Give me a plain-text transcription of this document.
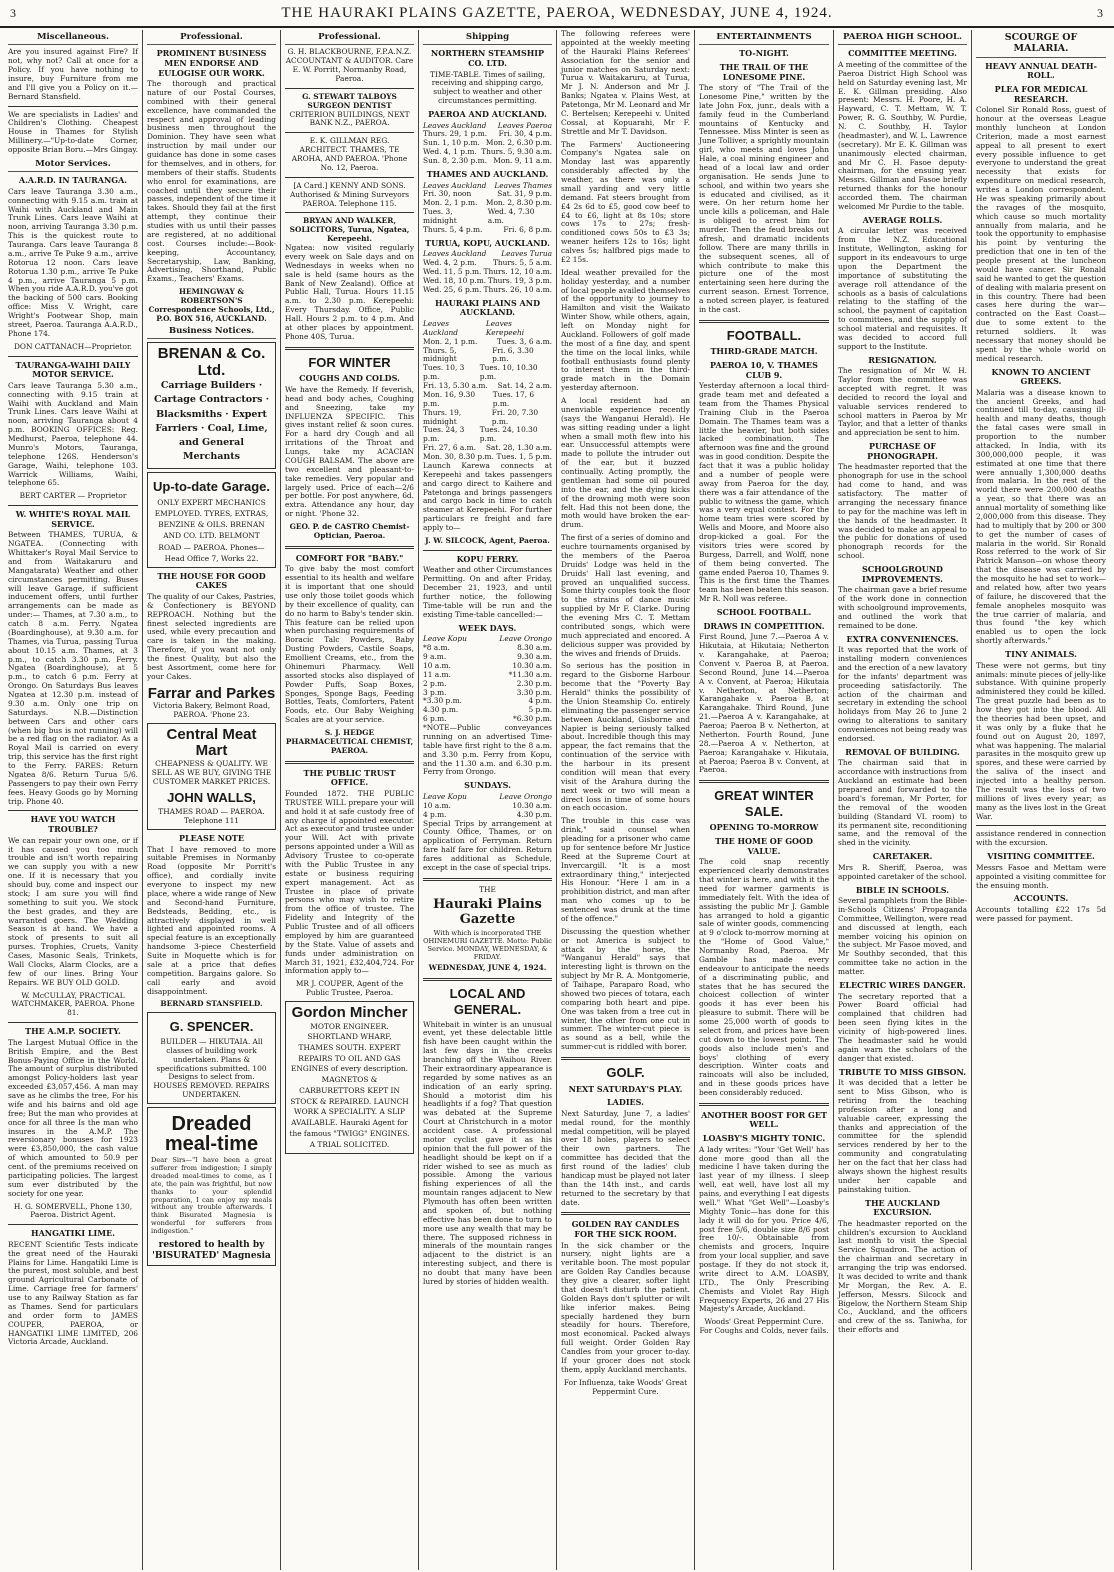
3	THE HAURAKI PLAINS GAZETTE, PAEROA, WEDNESDAY, JUNE 4, 1924.	3
Miscellaneous.
Are you insured against Fire? If not, why not? Call at once for a Policy. If you have nothing to insure, buy Furniture from me and I'll give you a Policy on it.—Bernard Stansfield.
We are specialists in Ladies' and Children's Clothing. Cheapest House in Thames for Stylish Millinery.—"Up-to-date Corner, opposite Brian Boru.—Mrs Gingay.
Motor Services.
A.A.R.D. IN TAURANGA.
Cars leave Tauranga 3.30 a.m., connecting with 9.15 a.m. train at Waihi with Auckland and Main Trunk Lines. Cars leave Waihi at noon, arriving Tauranga 3.30 p.m. This is the quickest route to Tauranga. Cars leave Tauranga 8 a.m., arrive Te Puke 9 a.m., arrive Rotorua 12 noon. Cars leave Rotorua 1.30 p.m., arrive Te Puke 4 p.m., arrive Tauranga 5 p.m. When you ride A.A.R.D. you've got the backing of 500 cars. Booking office: Miss V. Wright, care Wright's Footwear Shop, main street, Paeroa. Tauranga A.A.R.D., Phone 174.
DON CATTANACH—Proprietor.
TAURANGA-WAIHI DAILY MOTOR SERVICE.
Cars leave Tauranga 5.30 a.m., connecting with 9.15 train at Waihi with Auckland and Main Trunk Lines. Cars leave Waihi at noon, arriving Tauranga about 4 p.m. BOOKING OFFICES: Reg. Medhurst, Paeroa, telephone 44. Munro's Motors, Tauranga, telephone 126S. Henderson's Garage, Waihi, telephone 103. Warrick Williams, Waihi, telephone 65.
BERT CARTER — Proprietor
W. WHITE'S ROYAL MAIL SERVICE.
Between THAMES, TURUA, & NGATEA. (Connecting with Whittaker's Royal Mail Service to and from Waitakaruru and Mangatarata) Weather and other circumstances permitting. Buses will leave Garage, if sufficient inducement offers, until further arrangements can be made as under:— Thames, at 7.30 a.m., to catch 8 a.m. Ferry. Ngatea (Boardinghouse), at 9.30 a.m. for Thames, via Turua, passing Turua about 10.15 a.m. Thames, at 3 p.m., to catch 3.30 p.m. Ferry. Ngatea (Boardinghouse), at 5 p.m., to catch 6 p.m. Ferry at Orongo. On Saturdays Bus leaves Ngatea at 12.30 p.m. instead of 9.30 a.m. Only one trip on Saturdays. N.B.—Distinction between Cars and other cars (when big bus is not running) will be a red flag on the radiator. As a Royal Mail is carried on every trip, this service has the first right to the Ferry. FARES: Return Ngatea 8/6. Return Turua 5/6. Passengers to pay their own Ferry fees. Heavy Goods go by Morning trip. Phone 40.
HAVE YOU WATCH TROUBLE?
We can repair your own one, or if it has caused you too much trouble and isn't worth repairing we can supply you with a new one. If it is necessary that you should buy, come and inspect our stock; I am sure you will find something to suit you. We stock the best grades, and they are warranted goers. The Wedding Season is at hand. We have a stock of presents to suit all purses. Trophies, Cruets, Vanity Cases, Masonic Seals, Trinkets, Wall Clocks, Alarm Clocks, are a few of our lines. Bring Your Repairs. WE BUY OLD GOLD.
W. McCULLAY, PRACTICAL WATCHMAKER, PAEROA. Phone 81.
THE A.M.P. SOCIETY.
The Largest Mutual Office in the British Empire, and the Best Bonus-Paying Office in the World. The amount of surplus distributed amongst Policy-holders last year exceeded £3,057,456. A man may save as he climbs the tree, For his wife and his bairns and old age free; But the man who provides at once for all three Is the man who insures in the A.M.P. The reversionary bonuses for 1923 were £3,850,000, the cash value of which amounted to 50.9 per cent. of the premiums received on participating policies. The largest sum ever distributed by the society for one year.
H. G. SOMERVELL, Phone 130, Paeroa. District Agent.
HANGATIKI LIME.
RECENT Scientific Tests indicate the great need of the Hauraki Plains for Lime. Hangatiki Lime is the purest, most soluble, and best ground Agricultural Carbonate of Lime. Carriage free for farmers' use to any Railway Station as far as Thames. Send for particulars and order form to JAMES COUPER, PAEROA, or HANGATIKI LIME LIMITED, 206 Victoria Arcade, Auckland.
Professional.
PROMINENT BUSINESS MEN ENDORSE AND EULOGISE OUR WORK.
The thorough and practical nature of our Postal Courses, combined with their general excellence, have commanded the respect and approval of leading business men throughout the Dominion. They have seen what instruction by mail under our guidance has done in some cases for themselves, and in others, for members of their staffs. Students who enrol for examinations, are coached until they secure their passes, independent of the time it takes. Should they fail at the first attempt, they continue their studies with us until their passes are registered, at no additional cost. Courses include:—Book-keeping, Accountancy, Secretaryship, Law, Banking, Advertising, Shorthand, Public Exams., Teachers' Exams.
HEMINGWAY & ROBERTSON'S Correspondence Schools, Ltd., P.O. BOX 516, AUCKLAND.
Business Notices.
BRENAN & Co. Ltd.
Carriage Builders · Cartage Contractors · Blacksmiths · Expert Farriers · Coal, Lime, and General Merchants
Up-to-date Garage.
ONLY EXPERT MECHANICS EMPLOYED. TYRES, EXTRAS, BENZINE & OILS. BRENAN AND CO. LTD. BELMONT ROAD — PAEROA. Phones— Head Office 7, Works 22.
THE HOUSE FOR GOOD CAKES
The quality of our Cakes, Pastries, & Confectionery is BEYOND REPROACH. Nothing but the finest selected ingredients are used, while every precaution and care is taken in the making. Therefore, if you want not only the finest Quality, but also the best Assortment, come here for your Cakes.
Farrar and Parkes
Victoria Bakery, Belmont Road, PAEROA. 'Phone 23.
Central Meat Mart
CHEAPNESS & QUALITY. WE SELL AS WE BUY, GIVING THE CUSTOMER MARKET PRICES.
JOHN WALLS,
THAMES ROAD — PAEROA. Telephone 111
PLEASE NOTE
That I have removed to more suitable Premises in Normanby Road (opposite Mr Porritt's office), and cordially invite everyone to inspect my new place, where a wide range of New and Second-hand Furniture, Bedsteads, Bedding, etc., is attractively displayed in well lighted and appointed rooms. A special feature is an exceptionally handsome 3-piece Chesterfield Suite in Moquette which is for sale at a price that defies competition. Bargains galore. So call early and avoid disappointment.
BERNARD STANSFIELD.
G. SPENCER.
BUILDER — HIKUTAIA. All classes of building work undertaken. Plans & specifications submitted. 100 Designs to select from. HOUSES REMOVED. REPAIRS UNDERTAKEN.
Dreaded meal-time
Dear Sirs—"I have been a great sufferer from indigestion; I simply dreaded meal-times to come, as I ate, the pain was frightful, but now thanks to your splendid preparation, I can enjoy my meals without any trouble afterwards. I think Bisurated Magnesia is wonderful for sufferers from indigestion."
restored to health by 'BISURATED' Magnesia
Professional.
G. H. BLACKBOURNE, F.P.A.N.Z. ACCOUNTANT & AUDITOR. Care E. W. Porritt, Normanby Road, Paeroa.
G. STEWART TALBOYS SURGEON DENTIST
CRITERION BUILDINGS, NEXT BANK N.Z., PAEROA.
E. K. GILLMAN REG. ARCHITECT. THAMES, TE AROHA, AND PAEROA. 'Phone No. 12, Paeroa.
[A Card.] KENNY AND SONS. Authorised & Mining Surveyors PAEROA. Telephone 115.
BRYAN AND WALKER, SOLICITORS, Turua, Ngatea, Kerepeehi.
Ngatea: now visited regularly every week on Sale days and on Wednesdays in weeks when no sale is held (same hours as the Bank of New Zealand). Office at Public Hall, Turua. Hours 11.15 a.m. to 2.30 p.m. Kerepeehi: Every Thursday. Office, Public Hall. Hours 2 p.m. to 4 p.m. And at other places by appointment. Phone 40S, Turua.
FOR WINTER
COUGHS AND COLDS.
We have the Remedy. If feverish, head and body aches, Coughing and Sneezing, take my INFLUENZA SPECIFIC. This gives instant relief & soon cures. For a hard dry Cough and all irritations of the Throat and Lungs, take my ACACIAN COUGH BALSAM. The above are two excellent and pleasant-to-take remedies. Very popular and largely used. Price of each—2/6 per bottle. For post anywhere, 6d. extra. Attendance any hour, day or night. 'Phone 32.
GEO. P. de CASTRO Chemist-Optician, Paeroa.
COMFORT FOR "BABY."
To give baby the most comfort essential to its health and welfare it is important that one should use only those toilet goods which by their excellence of quality, can do no harm to Baby's tender skin. This feature can be relied upon when purchasing requirements of Boracic Talc Powders, Baby Dusting Powders, Castile Soaps, Emollient Creams, etc., from the Ohinemuri Pharmacy. Well assorted stocks also displayed of Powder Puffs, Soap Boxes, Sponges, Sponge Bags, Feeding Bottles, Teats, Comforters, Patent Foods, etc. Our Baby Weighing Scales are at your service.
S. J. HEDGE PHARMACEUTICAL CHEMIST, PAEROA.
THE PUBLIC TRUST OFFICE.
Founded 1872. THE PUBLIC TRUSTEE WILL prepare your will and hold it at safe custody free of any charge if appointed executor. Act as executor and trustee under your Will. Act with private persons appointed under a Will as Advisory Trustee to co-operate with the Public Trustee in any estate or business requiring expert management. Act as Trustee in place of private persons who may wish to retire from the office of trustee. The Fidelity and Integrity of the Public Trustee and of all officers employed by him are guaranteed by the State. Value of assets and funds under administration on March 31, 1921, £32,404,724. For information apply to—
MR J. COUPER, Agent of the Public Trustee, Paeroa.
Gordon Mincher
MOTOR ENGINEER. SHORTLAND WHARF, THAMES SOUTH. EXPERT REPAIRS TO OIL AND GAS ENGINES of every description. MAGNETOS & CARBURETTORS KEPT IN STOCK & REPAIRED. LAUNCH WORK A SPECIALITY. A SLIP AVAILABLE. Hauraki Agent for the famous "TWIGG" ENGINES. A TRIAL SOLICITED.
Shipping
NORTHERN STEAMSHIP CO. LTD.
TIME-TABLE. Times of sailing, receiving and shipping cargo, subject to weather and other circumstances permitting.
PAEROA AND AUCKLAND.
Leaves Auckland Leaves Paeroa
Thurs. 29, 1 p.m. Fri. 30, 4 p.m.
Sun. 1, 10 p.m. Mon. 2, 6.30 p.m.
Wed. 4, 1 p.m. Thurs. 5, 9.30 a.m.
Sun. 8, 2.30 p.m. Mon. 9, 11 a.m.
THAMES AND AUCKLAND.
Leaves Auckland Leaves Thames
Fri. 30, noon	Sat. 31, 9 p.m.
Mon. 2, 1 p.m. Mon. 2, 8.30 p.m.
Tues. 3, midnight
Wed. 4, 7.30 a.m.
Thurs. 5, 4 p.m.	Fri. 6, 8 p.m.
TURUA, KOPU, AUCKLAND.
Leaves Auckland Leaves Turua
Wed. 4, 2 p.m. Thurs. 5, 5 a.m.
Wed. 11, 5 p.m. Thurs. 12, 10 a.m.
Wed. 18, 10 p.m. Thurs. 19, 3 p.m.
Wed. 25, 6 p.m. Thurs. 26, 10 a.m.
HAURAKI PLAINS AND AUCKLAND.
Leaves Auckland
Leaves Kerepeehi
Mon. 2, 1 p.m.	Tues. 3, 6 a.m.
Thurs. 5, midnight
Fri. 6, 3.30 p.m.
Tues. 10, 3 p.m.
Tues. 10, 10.30 p.m.
Fri. 13, 5.30 a.m. Sat. 14, 2 a.m.
Mon. 16, 9.30 p.m.
Tues. 17, 6 p.m.
Thurs. 19, midnight
Fri. 20, 7.30 p.m.
Tues. 24, 3 p.m.
Tues. 24, 10.30 p.m.
Fri. 27, 6 a.m. Sat. 28, 1.30 a.m.
Mon. 30, 8.30 p.m. Tues. 1, 5 p.m.
Launch Karewa connects at Kerepeehi and takes passengers and cargo direct to Kaihere and Patetonga and brings passengers and cargo back in time to catch steamer at Kerepeehi. For further particulars re freight and fare apply to—
J. W. SILCOCK, Agent, Paeroa.
KOPU FERRY.
Weather and other Circumstances Permitting. On and after Friday, December 21, 1923, and until further notice, the following Time-table will be run and the existing Time-table cancelled:—
WEEK DAYS.
Leave Kopu	Leave Orongo
*8 a.m.	8.30 a.m.
9 a.m.	9.30 a.m.
10 a.m.	10.30 a.m.
11 a.m.	*11.30 a.m.
2 p.m.	2.30 p.m.
3 p.m.	3.30 p.m.
*3.30 p.m.	4 p.m.
4.30 p.m.	5 p.m.
6 p.m.	*6.30 p.m.
*NOTE—Public conveyances running on an advertised Time-table have first right to the 8 a.m. and 3.30 p.m. Ferry from Kopu, and the 11.30 a.m. and 6.30 p.m. Ferry from Orongo.
SUNDAYS.
Leave Kopu	Leave Orongo
10 a.m.	10.30 a.m.
4 p.m.	4.30 p.m.
Special Trips by arrangement at County Office, Thames, or on application of Ferryman. Return fare half fare for children. Return fares additional as Schedule, except in the case of special trips.
THE
Hauraki Plains Gazette
With which is incorporated THE OHINEMURI GAZETTE. Motto: Public Service. MONDAY, WEDNESDAY, & FRIDAY.
WEDNESDAY, JUNE 4, 1924.
LOCAL AND GENERAL.
Whitebait in winter is an unusual event, yet these delectable little fish have been caught within the last few days in the creeks branching off the Waihou River. Their extraordinary appearance is regarded by some natives as an indication of an early spring. Should a motorist dim his headlights if a fog? That question was debated at the Supreme Court at Christchurch in a motor accident case. A professional motor cyclist gave it as his opinion that the full power of the headlight should be kept on if a rider wished to see as much as possible. Among the various fishing experiences of all the mountain ranges adjacent to New Plymouth has often been written and spoken of, but nothing effective has been done to turn to more use any wealth that may be there. The supposed richness in minerals of the mountain ranges adjacent to the district is an interesting subject, and there is no doubt that many have been lured by stories of hidden wealth.
The following referees were appointed at the weekly meeting of the Hauraki Plains Referees' Association for the senior and junior matches on Saturday next: Turua v. Waitakaruru, at Turua, Mr J. N. Anderson and Mr J. Banks; Ngatea v. Plains West, at Patetonga, Mr M. Leonard and Mr C. Bertelsen; Kerepeehi v. United Cossal, at Kopuarahi, Mr F. Strettle and Mr T. Davidson.
The Farmers' Auctioneering Company's Ngatea sale on Monday last was apparently considerably affected by the weather, as there was only a small yarding and very little demand. Fat steers brought from £4 2s 6d to £5, good cow beef to £4 to £6, light at 8s 10s; store cows 17s to 27s; fresh-conditioned cows 50s to £3 3s; weaner heifers 12s to 16s; light calves 5s; halfbred pigs made to £2 15s.
Ideal weather prevailed for the holiday yesterday, and a number of local people availed themselves of the opportunity to journey to Hamilton and visit the Waikato Winter Show, while others, again, left on Monday night for Auckland. Followers of golf made the most of a fine day, and spent the time on the local links, while football enthusiasts found plenty to interest them in the third-grade match in the Domain yesterday afternoon.
A local resident had an unenviable experience recently (says the Wanganui Herald). He was sitting reading under a light when a small moth flew into his ear. Unsuccessful attempts were made to pollute the intruder out of the ear, but it buzzed continually. Acting promptly, the gentleman had some oil poured into the ear, and the dying kicks of the drowning moth were soon felt. Had this not been done, the moth would have broken the ear-drum.
The first of a series of domino and euchre tournaments organised by the members of the Paeroa Druids' Lodge was held in the Druids' Hall last evening, and proved an unqualified success. Some thirty couples took the floor to the strains of dance music supplied by Mr F. Clarke. During the evening Mrs C. T. Mettam contributed songs, which were much appreciated and encored. A delicious supper was provided by the wives and friends of Druids.
So serious has the position in regard to the Gisborne Harbour become that the "Poverty Bay Herald" thinks the possibility of the Union Steamship Co. entirely eliminating the passenger service between Auckland, Gisborne and Napier is being seriously talked about. Incredible though this may appear, the fact remains that the continuation of the service with the harbour in its present condition will mean that every visit of the Arahura during the next week or two will mean a direct loss in time of some hours on each occasion.
The trouble in this case was drink," said counsel when pleading for a prisoner who came up for sentence before Mr Justice Reed at the Supreme Court at Invercargill. "It is a most extraordinary thing," interjected His Honour. "Here I am in a prohibition district, and man after man who comes up to be sentenced was drunk at the time of the offence."
Discussing the question whether or not America is subject to attack by the horse, the "Wanganui Herald" says that interesting light is thrown on the subject by Mr R. A. Montgomerie, of Taihape, Paraparo Road, who showed two pieces of totara, each comparing both heart and pipe. One was taken from a tree cut in winter, the other from one cut in summer. The winter-cut piece is as sound as a bell, while the summer-cut is riddled with borer.
GOLF.
NEXT SATURDAY'S PLAY.
LADIES.
Next Saturday, June 7, a ladies' medal round, for the monthly medal competition, will be played over 18 holes, players to select their own partners. The committee has decided that the first round of the ladies' club handicap must be played not later than the 14th inst., and cards returned to the secretary by that date.
GOLDEN RAY CANDLES FOR THE SICK ROOM.
In the sick chamber or the nursery, night lights are a veritable boon. The most popular are Golden Ray Candles because they give a clearer, softer light that doesn't disturb the patient. Golden Rays don't splutter or wilt like inferior makes. Being specially hardened they burn steadily for hours. Therefore, most economical. Packed always full weight. Order Golden Ray Candles from your grocer to-day. If your grocer does not stock them, apply Auckland merchants.
For Influenza, take Woods' Great Peppermint Cure.
ENTERTAINMENTS
TO-NIGHT.
THE TRAIL OF THE LONESOME PINE.
The story of "The Trail of the Lonesome Pine," written by the late John Fox, junr., deals with a family feud in the Cumberland mountains of Kentucky and Tennessee. Miss Minter is seen as June Tolliver, a sprightly mountain girl, who meets and loves John Hale, a coal mining engineer and head of a local law and order organisation. He sends June to school, and within two years she is educated and civilised, as it were. On her return home her uncle kills a policeman, and Hale is obliged to arrest him for murder. Then the feud breaks out afresh, and dramatic incidents follow. There are many thrills in the subsequent scenes, all of which contribute to make this picture one of the most entertaining seen here during the current season. Ernest Torrence, a noted screen player, is featured in the cast.
FOOTBALL.
THIRD-GRADE MATCH.
PAEROA 10, V. THAMES CLUB 9.
Yesterday afternoon a local third-grade team met and defeated a team from the Thames Physical Training Club in the Paeroa Domain. The Thames team was a little the heavier, but both sides lacked combination. The afternoon was fine and the ground was in good condition. Despite the fact that it was a public holiday and a number of people were away from Paeroa for the day, there was a fair attendance of the public to witness the game, which was a very equal contest. For the home team tries were scored by Wells and Moore, and Moore also drop-kicked a goal. For the visitors tries were scored by Burgess, Darrell, and Wolff, none of them being converted. The game ended Paeroa 10, Thames 9. This is the first time the Thames team has been beaten this season. Mr R. Noll was referee.
SCHOOL FOOTBALL.
DRAWS IN COMPETITION.
First Round, June 7.—Paeroa A v. Hikutaia, at Hikutaia; Netherton v. Karangahake, at Paeroa; Convent v. Paeroa B, at Paeroa. Second Round, June 14.—Paeroa A v. Convent, at Paeroa; Hikutaia v. Netherton, at Netherton; Karangahake v. Paeroa B, at Karangahake. Third Round, June 21.—Paeroa A v. Karangahake, at Paeroa; Paeroa B v. Netherton, at Netherton. Fourth Round, June 28.—Paeroa A v. Netherton, at Paeroa; Karangahake v. Hikutaia, at Paeroa; Paeroa B v. Convent, at Paeroa.
GREAT WINTER SALE.
OPENING TO-MORROW
THE HOME OF GOOD VALUE.
The cold snap recently experienced clearly demonstrates that winter is here, and with it the need for warmer garments is immediately felt. With the idea of assisting the public Mr J. Gamble has arranged to hold a gigantic sale of winter goods, commencing at 9 o'clock to-morrow morning at the "Home of Good Value," Normanby Road, Paeroa. Mr Gamble has made every endeavour to anticipate the needs of a discriminating public, and states that he has secured the choicest collection of winter goods it has ever been his pleasure to submit. There will be some 25,000 worth of goods to select from, and prices have been cut down to the lowest point. The goods also include men's and boys' clothing of every description. Winter coats and raincoats will also be included, and in these goods prices have been considerably reduced.
ANOTHER BOOST FOR GET WELL.
LOASBY'S MIGHTY TONIC.
A lady writes: "Your 'Get Well' has done more good than all the medicine I have taken during the last year of my illness. I sleep well, eat well, have lost all my pains, and everything I eat digests well." What "Get Well"—Loasby's Mighty Tonic—has done for this lady it will do for you. Price 4/6, post free 5/6, double size 8/6 post free 10/-. Obtainable from chemists and grocers, Inquire from your local supplier, and save postage. If they do not stock it, write direct to A.M. LOASBY, LTD., The Only Prescribing Chemists and Violet Ray High Frequency Experts, 26 and 27 His Majesty's Arcade, Auckland.
Woods' Great Peppermint Cure. For Coughs and Colds, never fails.
PAEROA HIGH SCHOOL.
COMMITTEE MEETING.
A meeting of the committee of the Paeroa District High School was held on Saturday evening last, Mr E. K. Gillman presiding. Also present: Messrs. H. Poore, H. A. Hayward, C. T. Mettam, W. T. Power, R. G. Southby, W. Purdie, N. C. Southby, H. Taylor (headmaster), and W. L. Lawrence (secretary). Mr E. K. Gillman was unanimously elected chairman, and Mr C. H. Fasoe deputy-chairman, for the ensuing year. Messrs. Gillman and Fasoe briefly returned thanks for the honour accorded them. The chairman welcomed Mr Purdie to the table.
AVERAGE ROLLS.
A circular letter was received from the N.Z. Educational Institute, Wellington, asking for support in its endeavours to urge upon the Department the importance of substituting the average roll attendance of the schools as a basis of calculations relating to the staffing of the school, the payment of capitation to committees, and the supply of school material and requisites. It was decided to accord full support to the Institute.
RESIGNATION.
The resignation of Mr W. H. Taylor from the committee was accepted with regret. It was decided to record the loyal and valuable services rendered to school matters in Paeroa by Mr Taylor, and that a letter of thanks and appreciation be sent to him.
PURCHASE OF PHONOGRAPH.
The headmaster reported that the phonograph for use in the school had come to hand, and was satisfactory. The matter of arranging the necessary finance to pay for the machine was left in the hands of the headmaster. It was decided to make an appeal to the public for donations of used phonograph records for the school.
SCHOOLGROUND IMPROVEMENTS.
The chairman gave a brief resume of the work done in connection with schoolground improvements, and outlined the work that remained to be done.
EXTRA CONVENIENCES.
It was reported that the work of installing modern conveniences and the erection of a new lavatory for the infants' department was proceeding satisfactorily. The action of the chairman and secretary in extending the school holidays from May 26 to June 2 owing to alterations to sanitary conveniences not being ready was endorsed.
REMOVAL OF BUILDING.
The chairman said that in accordance with instructions from Auckland an estimate had been prepared and forwarded to the board's foreman, Mr Porter, for the removal of the wooden building (Standard VI. room) to its permanent site, reconditioning same, and the removal of the shed in the vicinity.
CARETAKER.
Mrs R. Sheriff, Paeroa, was appointed caretaker of the school.
BIBLE IN SCHOOLS.
Several pamphlets from the Bible-in-Schools Citizens' Propaganda Committee, Wellington, were read and discussed at length, each member voicing his opinion on the subject. Mr Fasoe moved, and Mr Southby seconded, that this committee take no action in the matter.
ELECTRIC WIRES DANGER.
The secretary reported that a Power Board official had complained that children had been seen flying kites in the vicinity of high-powered lines. The headmaster said he would again warn the scholars of the danger that existed.
TRIBUTE TO MISS GIBSON.
It was decided that a letter be sent to Miss Gibson, who is retiring from the teaching profession after a long and valuable career, expressing the thanks and appreciation of the committee for the splendid services rendered by her to the community and congratulating her on the fact that her class had always shown the highest results under her capable and painstaking tuition.
THE AUCKLAND EXCURSION.
The headmaster reported on the children's excursion to Auckland last month to visit the Special Service Squadron. The action of the chairman and secretary in arranging the trip was endorsed. It was decided to write and thank Mr Morgan, the Rev. A. E. Jefferson, Messrs. Silcock and Bigelow, the Northern Steam Ship Co., Auckland, and the officers and crew of the ss. Taniwha, for their efforts and
SCOURGE OF MALARIA.
HEAVY ANNUAL DEATH-ROLL.
PLEA FOR MEDICAL RESEARCH.
Colonel Sir Ronald Ross, guest of honour at the overseas League monthly luncheon at London Criterion, made a most earnest appeal to all present to exert every possible influence to get everyone to understand the great necessity that exists for expenditure on medical research, writes a London correspondent. He was speaking primarily about the ravages of the mosquito, which cause so much mortality annually from malaria, and he took the opportunity to emphasise his point by venturing the prediction that one in ten of the people present at the luncheon would have cancer. Sir Ronald said he wanted to get the question of dealing with malaria present on in this country. There had been cases here during the war—contracted on the East Coast—due to some extent to the returned soldiers. It was necessary that money should be spent by the whole world on medical research.
KNOWN TO ANCIENT GREEKS.
Malaria was a disease known to the ancient Greeks, and had continued till to-day, causing ill-health and many deaths, though the fatal cases were small in proportion to the number attacked. In India, with its 300,000,000 people, it was estimated at one time that there were annually 1,300,000 deaths from malaria. In the rest of the world there were 200,000 deaths a year, so that there was an annual mortality of something like 2,000,000 from this disease. They had to multiply that by 200 or 300 to get the number of cases of malaria in the world. Sir Ronald Ross referred to the work of Sir Patrick Manson—on whose theory that the disease was carried by the mosquito he had set to work—and related how, after two years of failure, he discovered that the female anopheles mosquito was the true carrier of malaria, and thus found "the key which enabled us to open the lock shortly afterwards."
TINY ANIMALS.
These were not germs, but tiny animals: minute pieces of jelly-like substance. With quinine properly administered they could be killed. The great puzzle had been as to how they got into the blood. All the theories had been upset, and it was only by a fluke that he found out on August 20, 1897, what was happening. The malarial parasites in the mosquito grew up spores, and these were carried by the saliva of the insect and injected into a healthy person. The result was the loss of two millions of lives every year; as many as the lives lost in the Great War.
assistance rendered in connection with the excursion.
VISITING COMMITTEE.
Messrs Fasoe and Mettam were appointed a visiting committee for the ensuing month.
ACCOUNTS.
Accounts totalling £22 17s 5d were passed for payment.
